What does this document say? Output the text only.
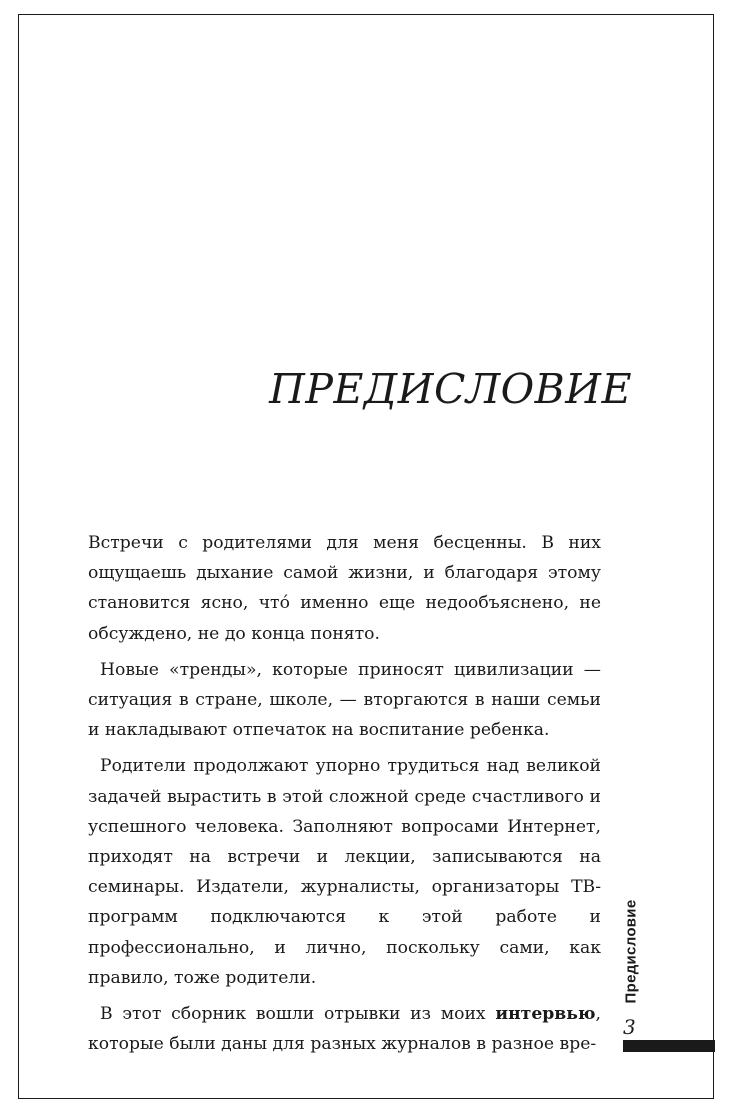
ПРЕДИСЛОВИЕ

Встречи с родителями для меня бесценны. В них ощущаешь дыхание самой жизни, и благодаря этому становится ясно, что́ именно еще недообъяснено, не обсуждено, не до конца понято.

Новые «тренды», которые приносят цивилизации — ситуация в стране, школе, — вторгаются в наши семьи и накладывают отпечаток на воспитание ребенка.

Родители продолжают упорно трудиться над великой задачей вырастить в этой сложной среде счастливого и успешного человека. Заполняют вопросами Интернет, приходят на встречи и лекции, записываются на семинары. Издатели, журналисты, организаторы ТВ-программ подключаются к этой работе и профессионально, и лично, поскольку сами, как правило, тоже родители.

В этот сборник вошли отрывки из моих интервью, которые были даны для разных журналов в разное вре-

Предисловие
3
